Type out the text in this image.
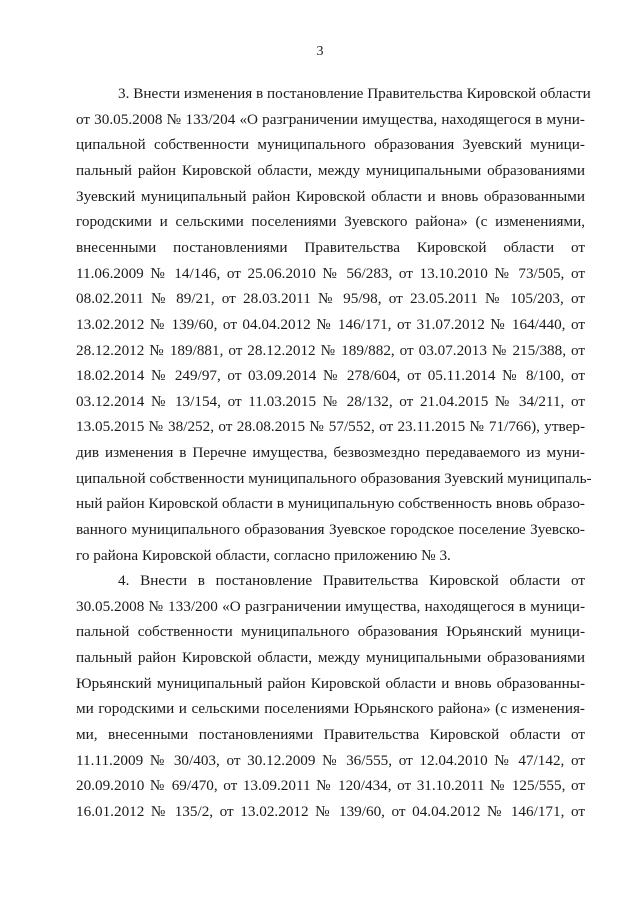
3
3. Внести изменения в постановление Правительства Кировской области
от 30.05.2008 № 133/204 «О разграничении имущества, находящегося в муни-
ципальной собственности муниципального образования Зуевский муници-
пальный район Кировской области, между муниципальными образованиями
Зуевский муниципальный район Кировской области и вновь образованными
городскими и сельскими поселениями Зуевского района» (с изменениями,
внесенными постановлениями Правительства Кировской области от
11.06.2009 № 14/146, от 25.06.2010 № 56/283, от 13.10.2010 № 73/505, от
08.02.2011 № 89/21, от 28.03.2011 № 95/98, от 23.05.2011 № 105/203, от
13.02.2012 № 139/60, от 04.04.2012 № 146/171, от 31.07.2012 № 164/440, от
28.12.2012 № 189/881, от 28.12.2012 № 189/882, от 03.07.2013 № 215/388, от
18.02.2014 № 249/97, от 03.09.2014 № 278/604, от 05.11.2014 № 8/100, от
03.12.2014 № 13/154, от 11.03.2015 № 28/132, от 21.04.2015 № 34/211, от
13.05.2015 № 38/252, от 28.08.2015 № 57/552, от 23.11.2015 № 71/766), утвер-
див изменения в Перечне имущества, безвозмездно передаваемого из муни-
ципальной собственности муниципального образования Зуевский муниципаль-
ный район Кировской области в муниципальную собственность вновь образо-
ванного муниципального образования Зуевское городское поселение Зуевско-
го района Кировской области, согласно приложению № 3.
4. Внести в постановление Правительства Кировской области от
30.05.2008 № 133/200 «О разграничении имущества, находящегося в муници-
пальной собственности муниципального образования Юрьянский муници-
пальный район Кировской области, между муниципальными образованиями
Юрьянский муниципальный район Кировской области и вновь образованны-
ми городскими и сельскими поселениями Юрьянского района» (с изменения-
ми, внесенными постановлениями Правительства Кировской области от
11.11.2009 № 30/403, от 30.12.2009 № 36/555, от 12.04.2010 № 47/142, от
20.09.2010 № 69/470, от 13.09.2011 № 120/434, от 31.10.2011 № 125/555, от
16.01.2012 № 135/2, от 13.02.2012 № 139/60, от 04.04.2012 № 146/171, от
